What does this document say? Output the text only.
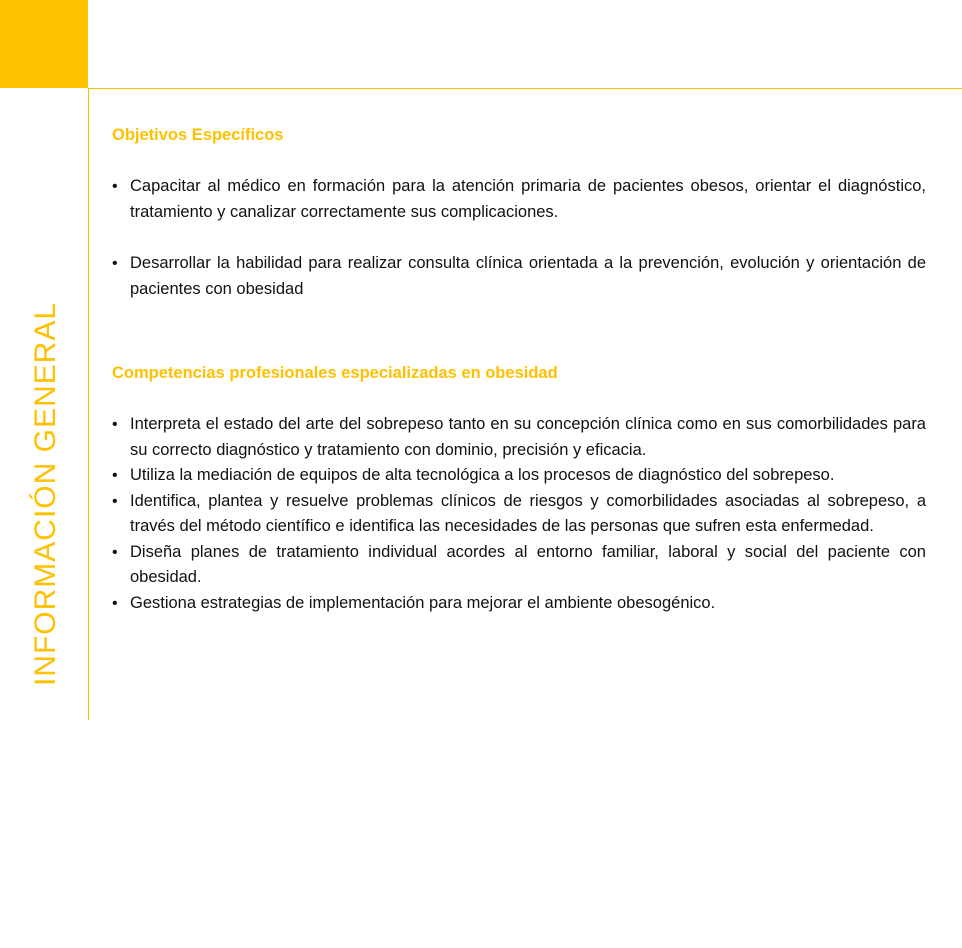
INFORMACIÓN GENERAL
Objetivos Específicos
• Capacitar al médico en formación para la atención primaria de pacientes obesos, orientar el diagnóstico, tratamiento y canalizar correctamente sus complicaciones.
• Desarrollar la habilidad para realizar consulta clínica orientada a la prevención, evolución y orientación de pacientes con obesidad
Competencias profesionales especializadas en obesidad
• Interpreta el estado del arte del sobrepeso tanto en su concepción clínica como en sus comorbilidades para su correcto diagnóstico y tratamiento con dominio, precisión y eficacia.
• Utiliza la mediación de equipos de alta tecnológica a los procesos de diagnóstico del sobrepeso.
• Identifica, plantea y resuelve problemas clínicos de riesgos y comorbilidades asociadas al sobrepeso, a través del método científico e identifica las necesidades de las personas que sufren esta enfermedad.
• Diseña planes de tratamiento individual acordes al entorno familiar, laboral y social del paciente con obesidad.
• Gestiona estrategias de implementación para mejorar el ambiente obesogénico.
